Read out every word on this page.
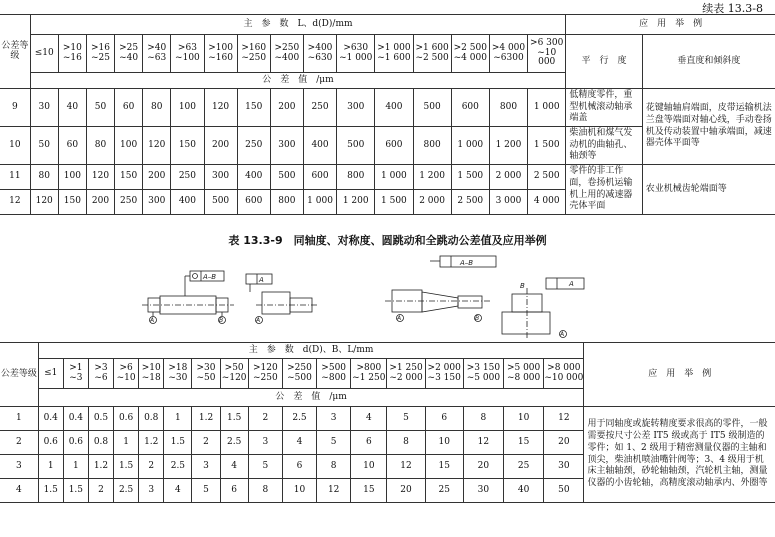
续表 13.3-8
公差等级	主　参　数　L、d(D)/mm																应　用　举　例	
	≤10	>10 ~16	>16 ~25	>25 ~40	>40 ~63	>63 ~100	>100 ~160	>160 ~250	>250 ~400	>400 ~630	>630 ~1 000	>1 000 ~1 600	>1 600 ~2 500	>2 500 ~4 000	>4 000 ~6300	>6 300 ~10 000	平　行　度	垂直度和倾斜度
	公　差　值　/μm																	
9	30	40	50	60	80	100	120	150	200	250	300	400	500	600	800	1 000	低精度零件，重型机械滚动轴承端盖	花键轴轴肩端面，皮带运输机法兰盘等端面对轴心线，手动卷扬机及传动装置中轴承端面，减速器壳体平面等
10	50	60	80	100	120	150	200	250	300	400	500	600	800	1 000	1 200	1 500	柴油机和煤气发动机的曲轴孔、轴颈等	
11	80	100	120	150	200	250	300	400	500	600	800	1 000	1 200	1 500	2 000	2 500	零件的非工作面，卷扬机运输机上用的减速器壳体平面	农业机械齿轮端面等
12	120	150	200	250	300	400	500	600	800	1 000	1 200	1 500	2 000	2 500	3 000	4 000		
表 13.3-9　同轴度、对称度、圆跳动和全跳动公差值及应用举例
A–B
A	B
A
A
A–B
A	B
B	A
A
公差等级	主　参　数　d(D)、B、L/mm																	应　用　举　例
	≤1	>1 ~3	>3 ~6	>6 ~10	>10 ~18	>18 ~30	>30 ~50	>50 ~120	>120 ~250	>250 ~500	>500 ~800	>800 ~1 250	>1 250 ~2 000	>2 000 ~3 150	>3 150 ~5 000	>5 000 ~8 000	>8 000 ~10 000	
	公　差　值　/μm																	
1	0.4	0.4	0.5	0.6	0.8	1	1.2	1.5	2	2.5	3	4	5	6	8	10	12	用于同轴度或旋转精度要求很高的零件，一般需要按尺寸公差 IT5 级或高于 IT5 级制造的零件；如 1、2 级用于精密测量仪器的主轴和顶尖，柴油机喷油嘴针阀等；3、4 级用于机床主轴轴颈，砂轮轴轴颈，汽轮机主轴，测量仪器的小齿轮轴，高精度滚动轴承内、外圈等
2	0.6	0.6	0.8	1	1.2	1.5	2	2.5	3	4	5	6	8	10	12	15	20	
3	1	1	1.2	1.5	2	2.5	3	4	5	6	8	10	12	15	20	25	30	
4	1.5	1.5	2	2.5	3	4	5	6	8	10	12	15	20	25	30	40	50	
